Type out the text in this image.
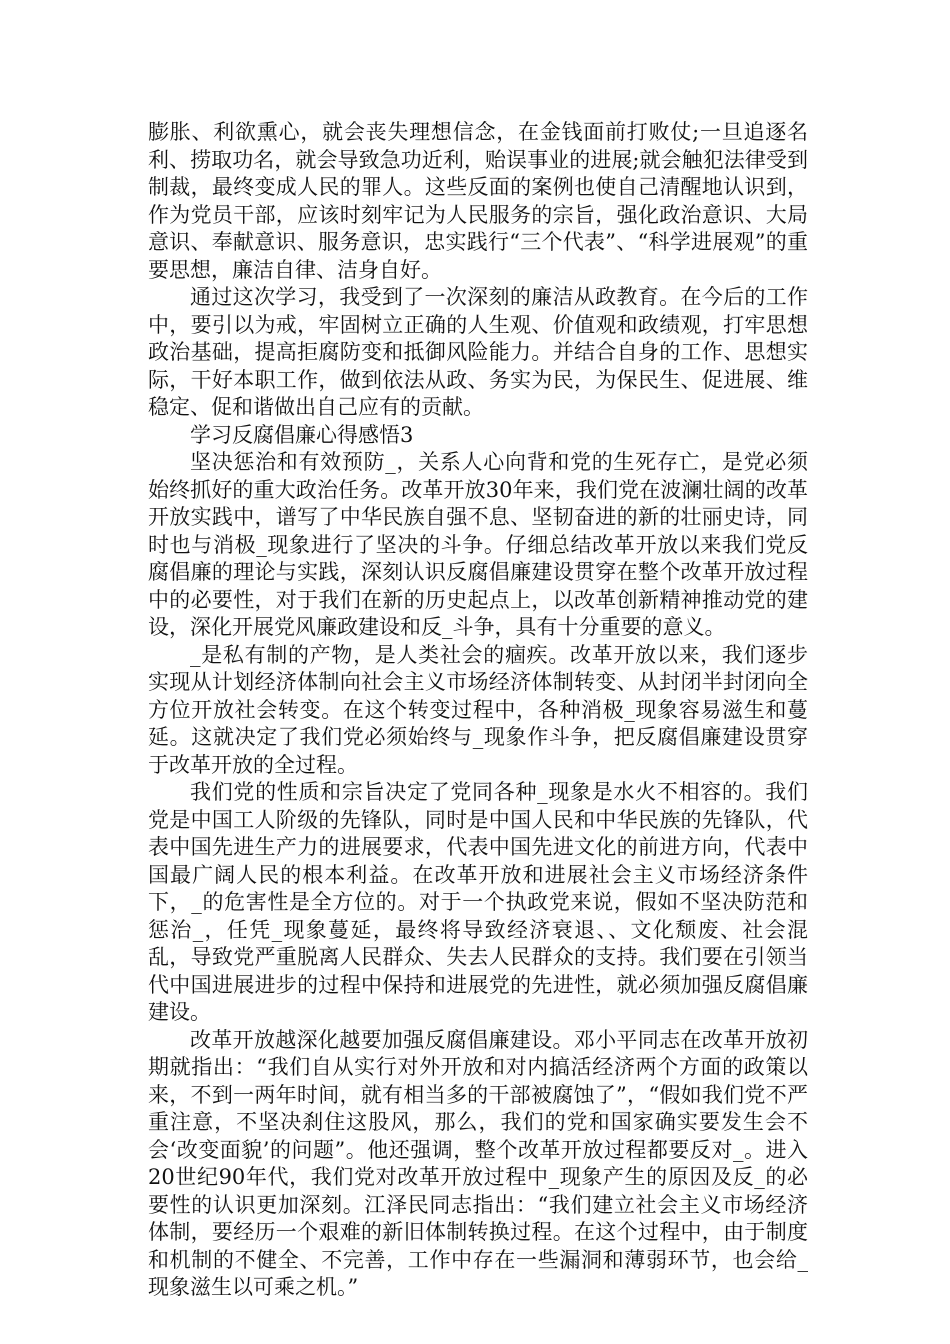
膨胀、利欲熏心，就会丧失理想信念，在金钱面前打败仗;一旦追逐名利、捞取功名，就会导致急功近利，贻误事业的进展;就会触犯法律受到制裁，最终变成人民的罪人。这些反面的案例也使自己清醒地认识到，作为党员干部，应该时刻牢记为人民服务的宗旨，强化政治意识、大局意识、奉献意识、服务意识，忠实践行“三个代表”、“科学进展观”的重要思想，廉洁自律、洁身自好。

通过这次学习，我受到了一次深刻的廉洁从政教育。在今后的工作中，要引以为戒，牢固树立正确的人生观、价值观和政绩观，打牢思想政治基础，提高拒腐防变和抵御风险能力。并结合自身的工作、思想实际，干好本职工作，做到依法从政、务实为民，为保民生、促进展、维稳定、促和谐做出自己应有的贡献。

学习反腐倡廉心得感悟3

坚决惩治和有效预防_，关系人心向背和党的生死存亡，是党必须始终抓好的重大政治任务。改革开放30年来，我们党在波澜壮阔的改革开放实践中，谱写了中华民族自强不息、坚韧奋进的新的壮丽史诗，同时也与消极_现象进行了坚决的斗争。仔细总结改革开放以来我们党反腐倡廉的理论与实践，深刻认识反腐倡廉建设贯穿在整个改革开放过程中的必要性，对于我们在新的历史起点上，以改革创新精神推动党的建设，深化开展党风廉政建设和反_斗争，具有十分重要的意义。

_是私有制的产物，是人类社会的痼疾。改革开放以来，我们逐步实现从计划经济体制向社会主义市场经济体制转变、从封闭半封闭向全方位开放社会转变。在这个转变过程中，各种消极_现象容易滋生和蔓延。这就决定了我们党必须始终与_现象作斗争，把反腐倡廉建设贯穿于改革开放的全过程。

我们党的性质和宗旨决定了党同各种_现象是水火不相容的。我们党是中国工人阶级的先锋队，同时是中国人民和中华民族的先锋队，代表中国先进生产力的进展要求，代表中国先进文化的前进方向，代表中国最广阔人民的根本利益。在改革开放和进展社会主义市场经济条件下，_的危害性是全方位的。对于一个执政党来说，假如不坚决防范和惩治_，任凭_现象蔓延，最终将导致经济衰退、、文化颓废、社会混乱，导致党严重脱离人民群众、失去人民群众的支持。我们要在引领当代中国进展进步的过程中保持和进展党的先进性，就必须加强反腐倡廉建设。

改革开放越深化越要加强反腐倡廉建设。邓小平同志在改革开放初期就指出：“我们自从实行对外开放和对内搞活经济两个方面的政策以来，不到一两年时间，就有相当多的干部被腐蚀了”，“假如我们党不严重注意，不坚决刹住这股风，那么，我们的党和国家确实要发生会不会‘改变面貌’的问题”。他还强调，整个改革开放过程都要反对_。进入20世纪90年代，我们党对改革开放过程中_现象产生的原因及反_的必要性的认识更加深刻。江泽民同志指出：“我们建立社会主义市场经济体制，要经历一个艰难的新旧体制转换过程。在这个过程中，由于制度和机制的不健全、不完善，工作中存在一些漏洞和薄弱环节，也会给_现象滋生以可乘之机。”
